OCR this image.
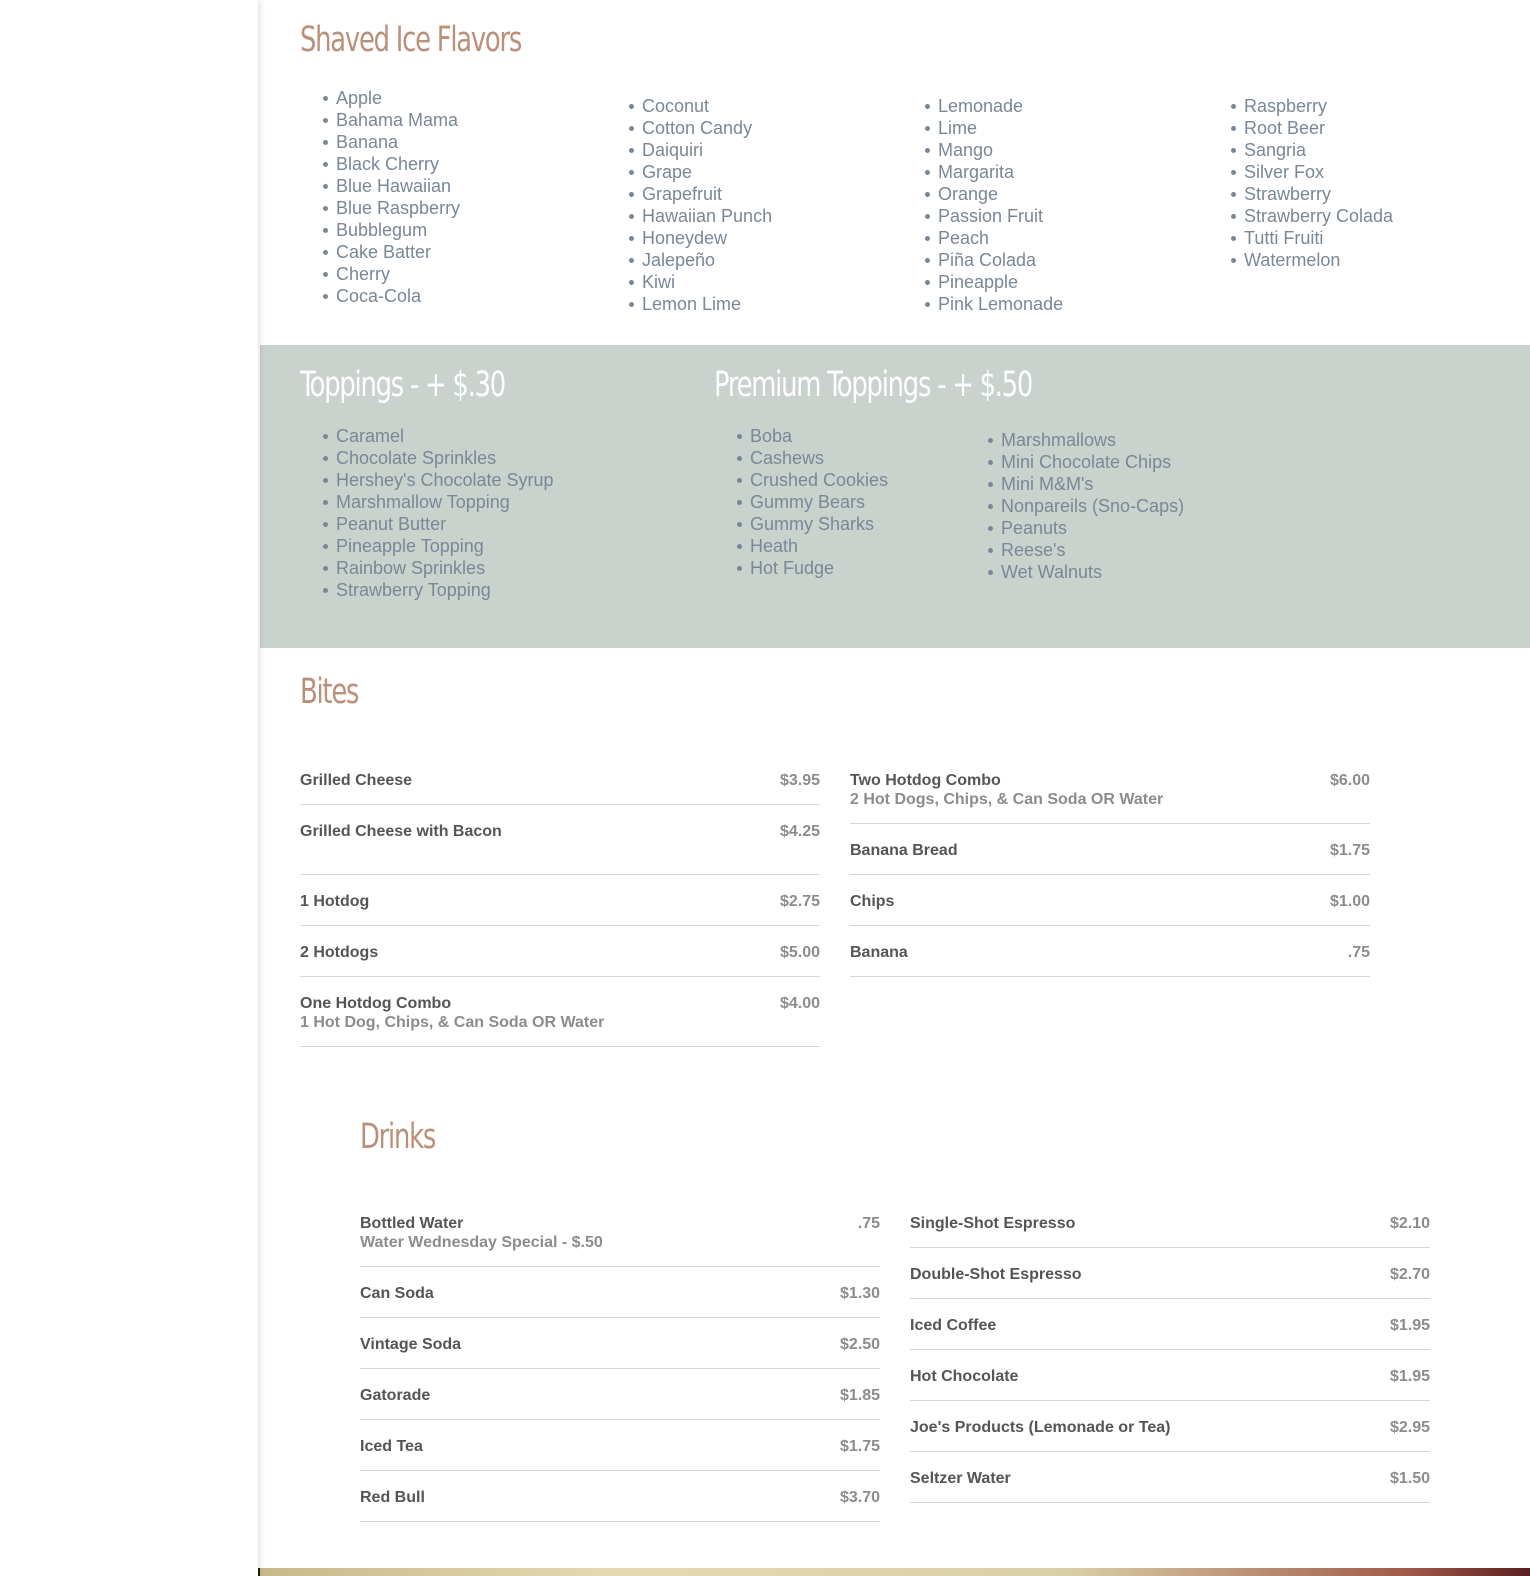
Shaved Ice Flavors
Apple
Bahama Mama
Banana
Black Cherry
Blue Hawaiian
Blue Raspberry
Bubblegum
Cake Batter
Cherry
Coca-Cola
Coconut
Cotton Candy
Daiquiri
Grape
Grapefruit
Hawaiian Punch
Honeydew
Jalepeño
Kiwi
Lemon Lime
Lemonade
Lime
Mango
Margarita
Orange
Passion Fruit
Peach
Piña Colada
Pineapple
Pink Lemonade
Raspberry
Root Beer
Sangria
Silver Fox
Strawberry
Strawberry Colada
Tutti Fruiti
Watermelon
Toppings - + $.30
Caramel
Chocolate Sprinkles
Hershey's Chocolate Syrup
Marshmallow Topping
Peanut Butter
Pineapple Topping
Rainbow Sprinkles
Strawberry Topping
Premium Toppings - + $.50
Boba
Cashews
Crushed Cookies
Gummy Bears
Gummy Sharks
Heath
Hot Fudge
Marshmallows
Mini Chocolate Chips
Mini M&M's
Nonpareils (Sno-Caps)
Peanuts
Reese's
Wet Walnuts
Bites
Grilled Cheese	$3.95
Grilled Cheese with Bacon	$4.25
1 Hotdog	$2.75
2 Hotdogs	$5.00
One Hotdog Combo	$4.00
1 Hot Dog, Chips, & Can Soda OR Water
Two Hotdog Combo	$6.00
2 Hot Dogs, Chips, & Can Soda OR Water
Banana Bread	$1.75
Chips	$1.00
Banana	.75
Drinks
Bottled Water	.75
Water Wednesday Special - $.50
Can Soda	$1.30
Vintage Soda	$2.50
Gatorade	$1.85
Iced Tea	$1.75
Red Bull	$3.70
Single-Shot Espresso	$2.10
Double-Shot Espresso	$2.70
Iced Coffee	$1.95
Hot Chocolate	$1.95
Joe's Products (Lemonade or Tea)	$2.95
Seltzer Water	$1.50
